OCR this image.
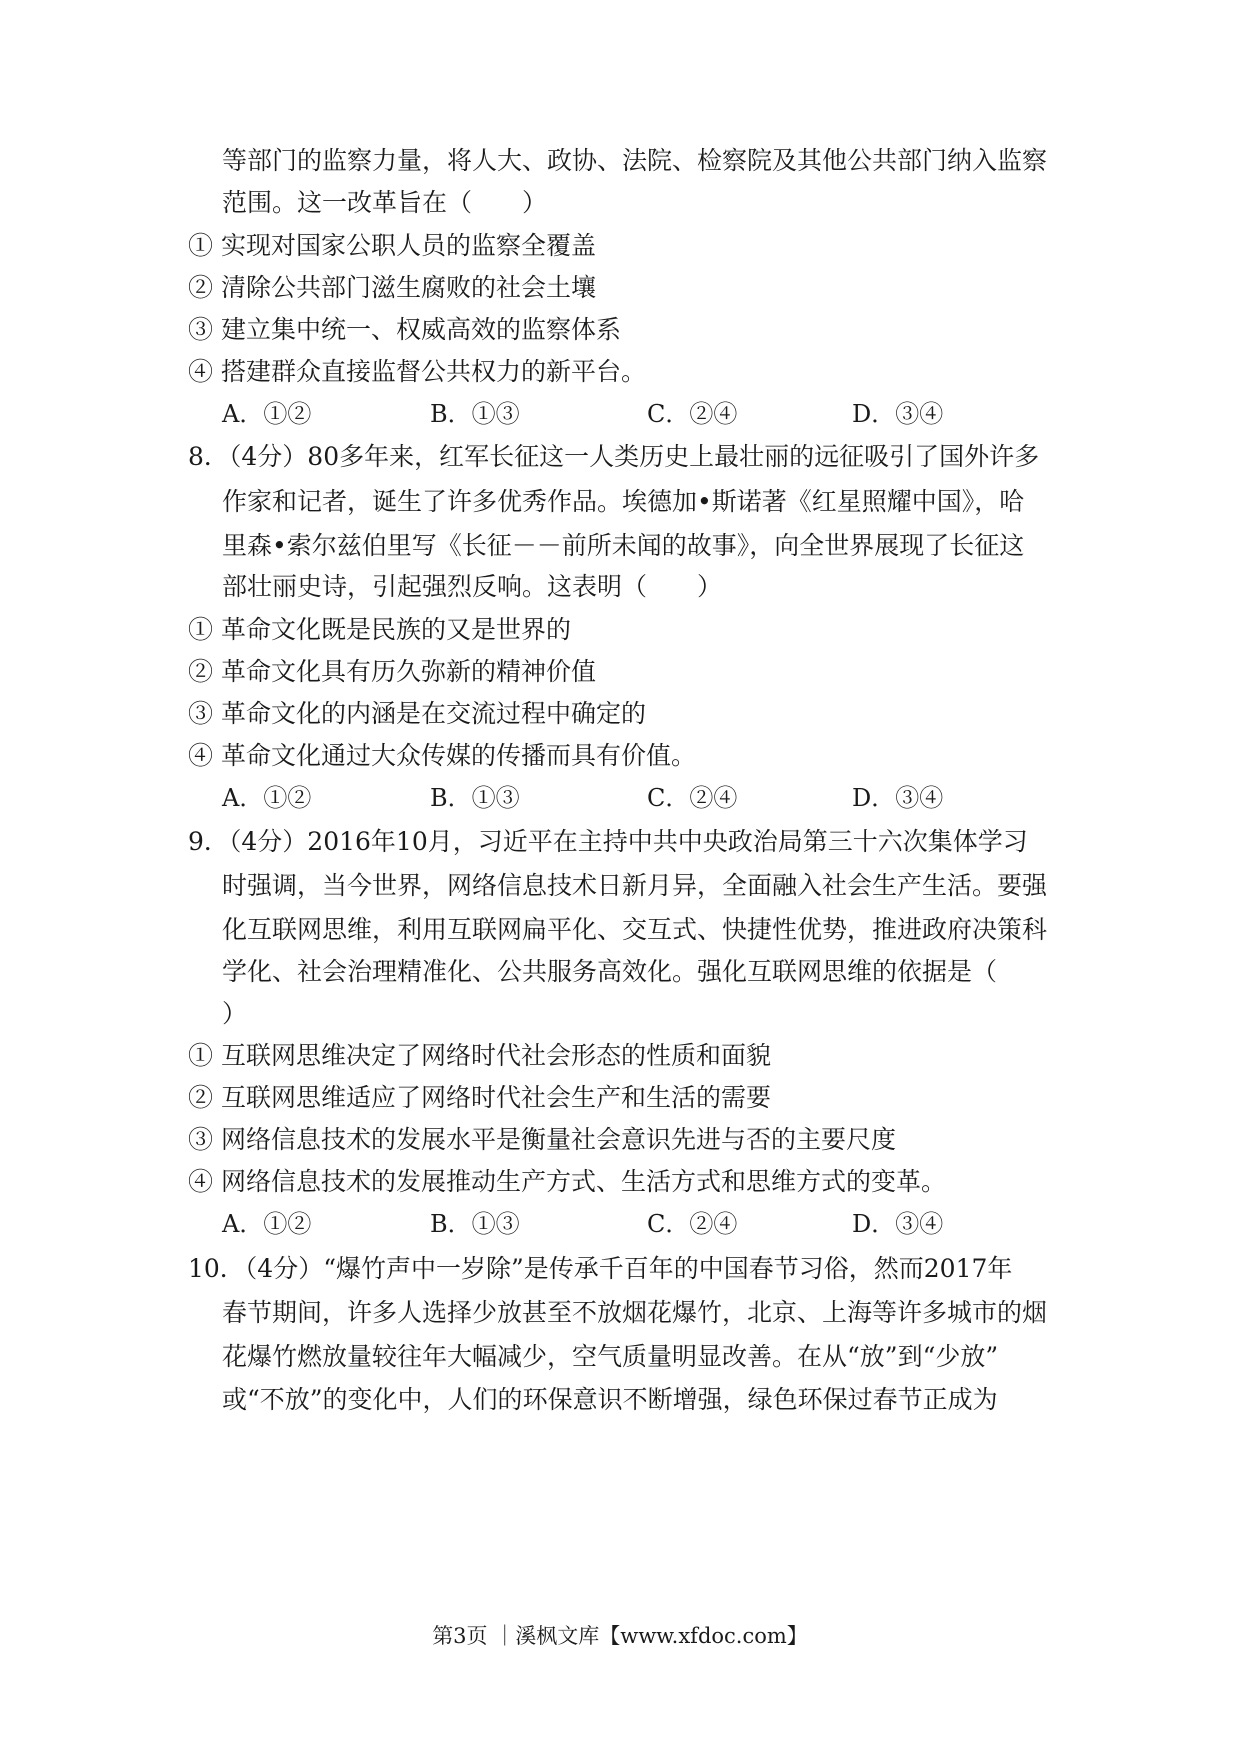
等部门的监察力量，将人大、政协、法院、检察院及其他公共部门纳入监察
范围。这一改革旨在（　　）
① 实现对国家公职人员的监察全覆盖
② 清除公共部门滋生腐败的社会土壤
③ 建立集中统一、权威高效的监察体系
④ 搭建群众直接监督公共权力的新平台。
A．①②	B．①③	C．②④	D．③④
8．（4分）80多年来，红军长征这一人类历史上最壮丽的远征吸引了国外许多
作家和记者，诞生了许多优秀作品。埃德加•斯诺著《红星照耀中国》，哈
里森•索尔兹伯里写《长征－－前所未闻的故事》，向全世界展现了长征这
部壮丽史诗，引起强烈反响。这表明（　　）
① 革命文化既是民族的又是世界的
② 革命文化具有历久弥新的精神价值
③ 革命文化的内涵是在交流过程中确定的
④ 革命文化通过大众传媒的传播而具有价值。
A．①②	B．①③	C．②④	D．③④
9．（4分）2016年10月，习近平在主持中共中央政治局第三十六次集体学习
时强调，当今世界，网络信息技术日新月异，全面融入社会生产生活。要强
化互联网思维，利用互联网扁平化、交互式、快捷性优势，推进政府决策科
学化、社会治理精准化、公共服务高效化。强化互联网思维的依据是（
）
① 互联网思维决定了网络时代社会形态的性质和面貌
② 互联网思维适应了网络时代社会生产和生活的需要
③ 网络信息技术的发展水平是衡量社会意识先进与否的主要尺度
④ 网络信息技术的发展推动生产方式、生活方式和思维方式的变革。
A．①②	B．①③	C．②④	D．③④
10．（4分）“爆竹声中一岁除”是传承千百年的中国春节习俗，然而2017年
春节期间，许多人选择少放甚至不放烟花爆竹，北京、上海等许多城市的烟
花爆竹燃放量较往年大幅减少，空气质量明显改善。在从“放”到“少放”
或“不放”的变化中，人们的环保意识不断增强，绿色环保过春节正成为
第3页 ｜溪枫文库【www.xfdoc.com】
